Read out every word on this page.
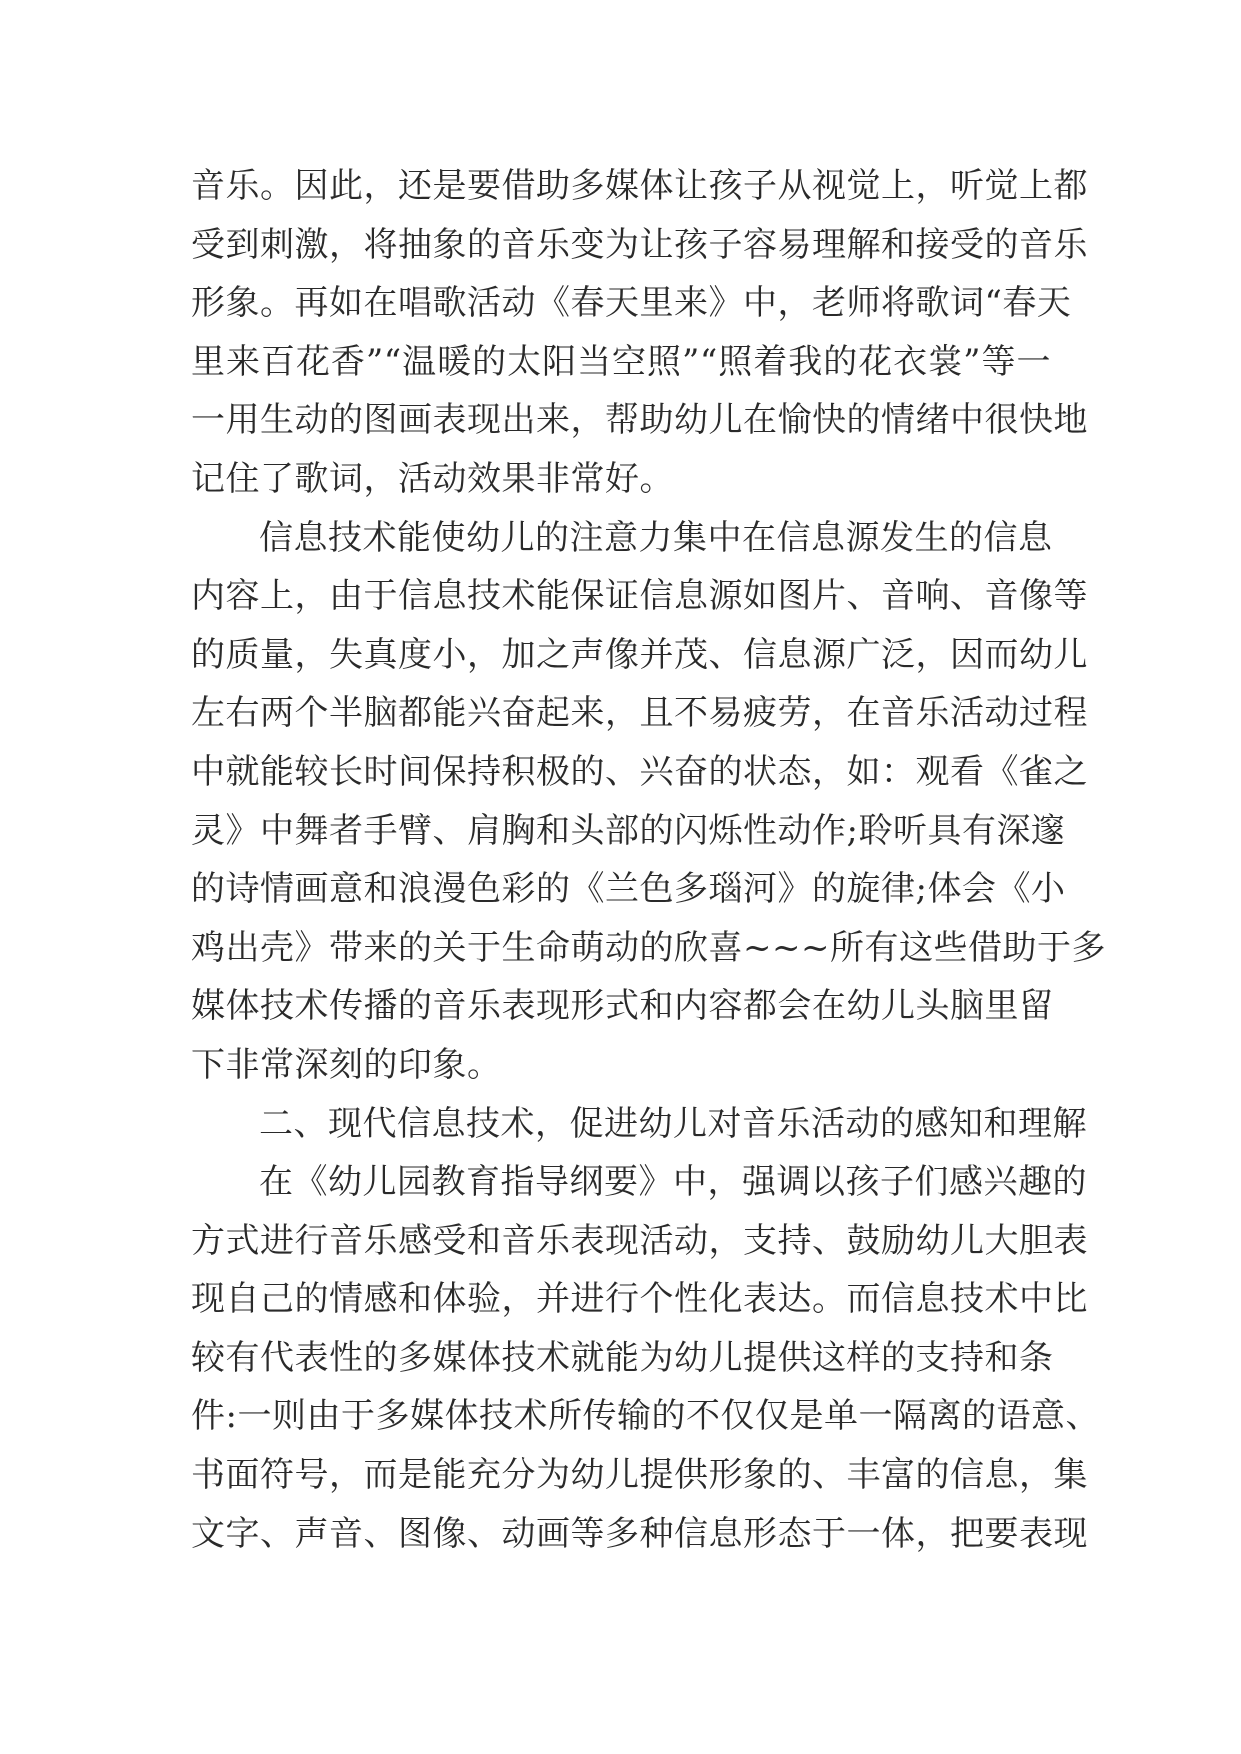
音乐。因此，还是要借助多媒体让孩子从视觉上，听觉上都
受到刺激，将抽象的音乐变为让孩子容易理解和接受的音乐
形象。再如在唱歌活动《春天里来》中，老师将歌词“春天
里来百花香”“温暖的太阳当空照”“照着我的花衣裳”等一
一用生动的图画表现出来，帮助幼儿在愉快的情绪中很快地
记住了歌词，活动效果非常好。
信息技术能使幼儿的注意力集中在信息源发生的信息
内容上，由于信息技术能保证信息源如图片、音响、音像等
的质量，失真度小，加之声像并茂、信息源广泛，因而幼儿
左右两个半脑都能兴奋起来，且不易疲劳，在音乐活动过程
中就能较长时间保持积极的、兴奋的状态，如：观看《雀之
灵》中舞者手臂、肩胸和头部的闪烁性动作;聆听具有深邃
的诗情画意和浪漫色彩的《兰色多瑙河》的旋律;体会《小
鸡出壳》带来的关于生命萌动的欣喜~~~所有这些借助于多
媒体技术传播的音乐表现形式和内容都会在幼儿头脑里留
下非常深刻的印象。
二、现代信息技术，促进幼儿对音乐活动的感知和理解
在《幼儿园教育指导纲要》中，强调以孩子们感兴趣的
方式进行音乐感受和音乐表现活动，支持、鼓励幼儿大胆表
现自己的情感和体验，并进行个性化表达。而信息技术中比
较有代表性的多媒体技术就能为幼儿提供这样的支持和条
件:一则由于多媒体技术所传输的不仅仅是单一隔离的语意、
书面符号，而是能充分为幼儿提供形象的、丰富的信息，集
文字、声音、图像、动画等多种信息形态于一体，把要表现
